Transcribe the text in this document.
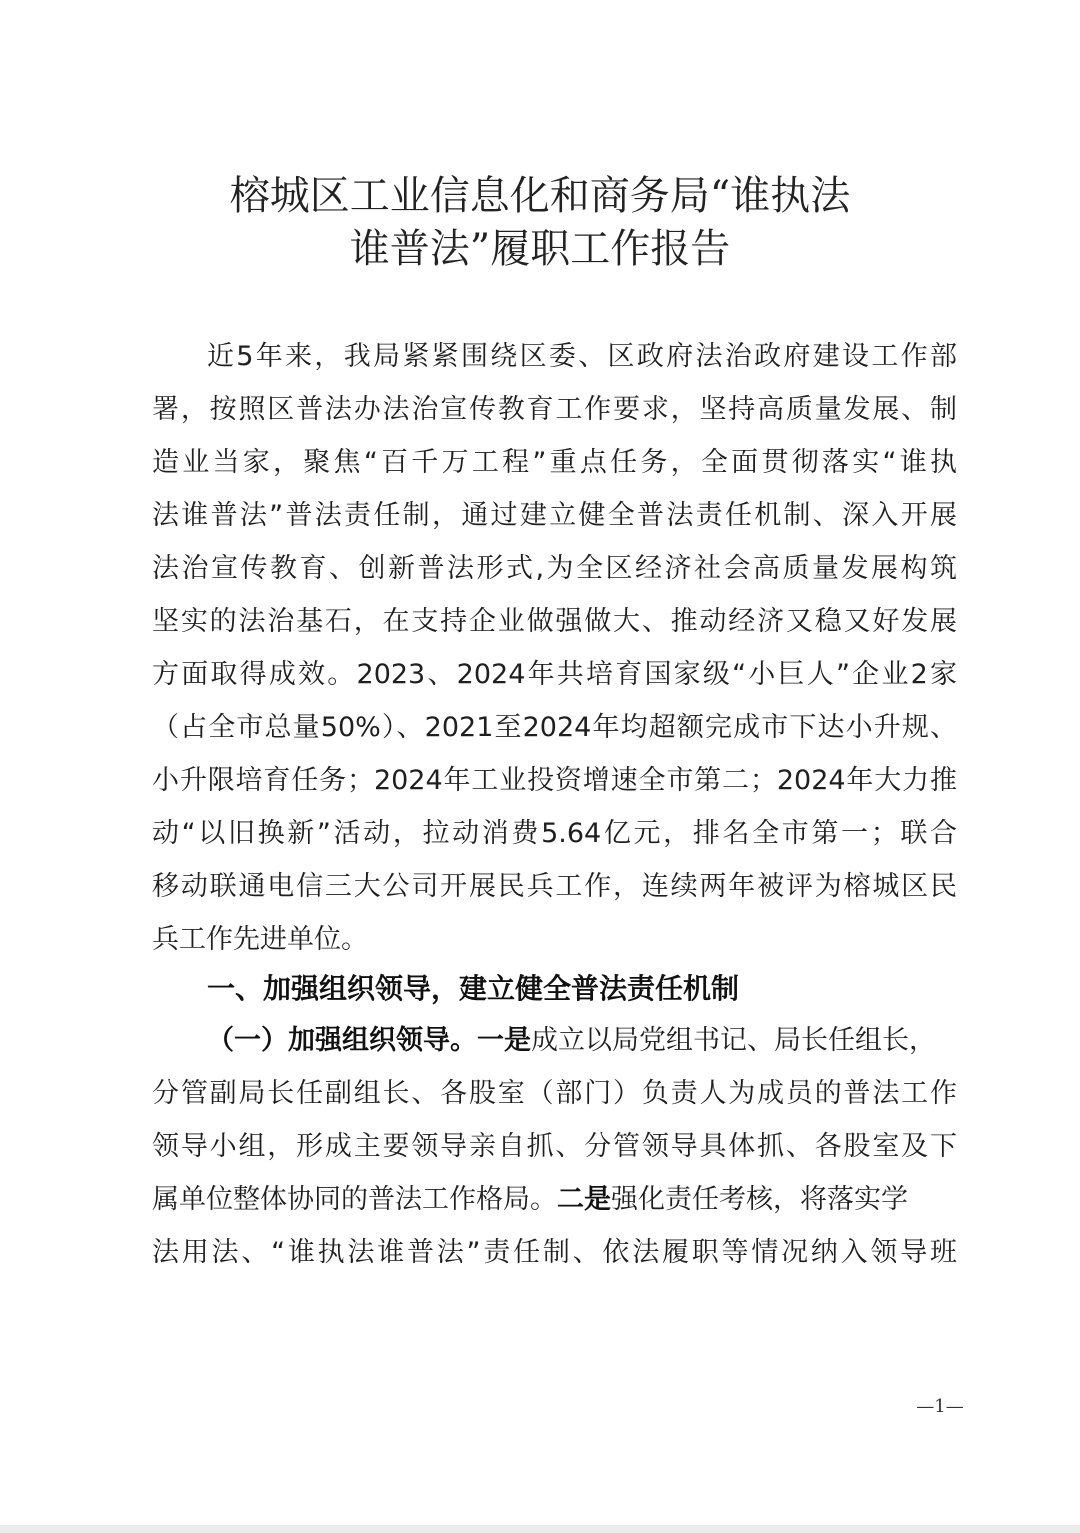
榕城区工业信息化和商务局“谁执法
谁普法”履职工作报告
近5年来，我局紧紧围绕区委、区政府法治政府建设工作部
署，按照区普法办法治宣传教育工作要求，坚持高质量发展、制
造业当家，聚焦“百千万工程”重点任务，全面贯彻落实“谁执
法谁普法”普法责任制，通过建立健全普法责任机制、深入开展
法治宣传教育、创新普法形式,为全区经济社会高质量发展构筑
坚实的法治基石，在支持企业做强做大、推动经济又稳又好发展
方面取得成效。2023、2024年共培育国家级“小巨人”企业2家
（占全市总量50%）、2021至2024年均超额完成市下达小升规、
小升限培育任务；2024年工业投资增速全市第二；2024年大力推
动“以旧换新”活动，拉动消费5.64亿元，排名全市第一；联合
移动联通电信三大公司开展民兵工作，连续两年被评为榕城区民
兵工作先进单位。
一、加强组织领导，建立健全普法责任机制
（一）加强组织领导。一是成立以局党组书记、局长任组长，
分管副局长任副组长、各股室（部门）负责人为成员的普法工作
领导小组，形成主要领导亲自抓、分管领导具体抓、各股室及下
属单位整体协同的普法工作格局。二是强化责任考核，将落实学
法用法、“谁执法谁普法”责任制、依法履职等情况纳入领导班
—1—
